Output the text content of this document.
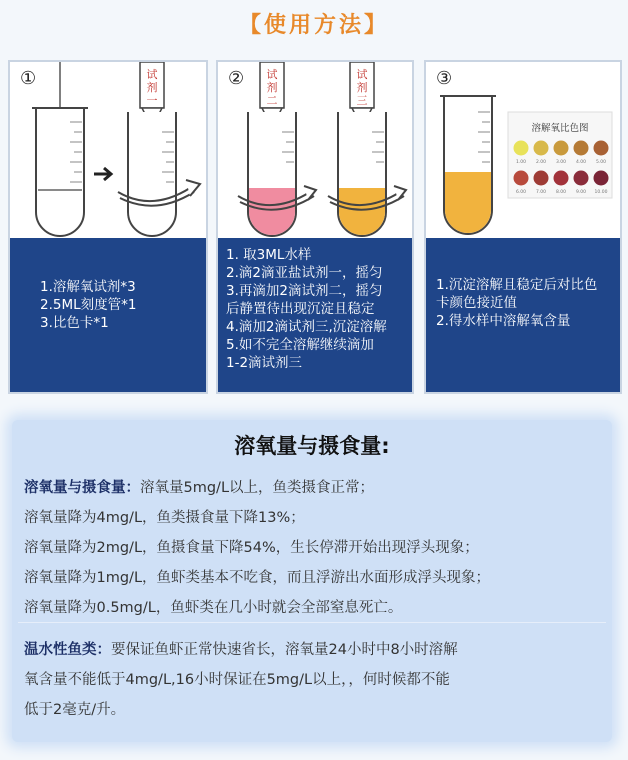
【使用方法】
①	试
剂
一
1.溶解氧试剂*3
2.5ML刻度管*1
3.比色卡*1
② 试
剂
二
试
剂
三
1. 取3ML水样
2.滴2滴亚盐试剂一，摇匀
3.再滴加2滴试剂二，摇匀
后静置待出现沉淀且稳定
4.滴加2滴试剂三,沉淀溶解
5.如不完全溶解继续滴加
1-2滴试剂三
③
1.00 2.00 3.00 4.00 5.00
6.00 7.00 8.00 9.00 10.00
溶解氧比色图
1.沉淀溶解且稳定后对比色
卡颜色接近值
2.得水样中溶解氧含量
溶氧量与摄食量:
溶氧量与摄食量：溶氧量5mg/L以上，鱼类摄食正常；
溶氧量降为4mg/L，鱼类摄食量下降13%；
溶氧量降为2mg/L，鱼摄食量下降54%，生长停滞开始出现浮头现象；
溶氧量降为1mg/L，鱼虾类基本不吃食，而且浮游出水面形成浮头现象；
溶氧量降为0.5mg/L，鱼虾类在几小时就会全部窒息死亡。
温水性鱼类：要保证鱼虾正常快速省长，溶氧量24小时中8小时溶解
氧含量不能低于4mg/L,16小时保证在5mg/L以上，，何时候都不能
低于2毫克/升。
